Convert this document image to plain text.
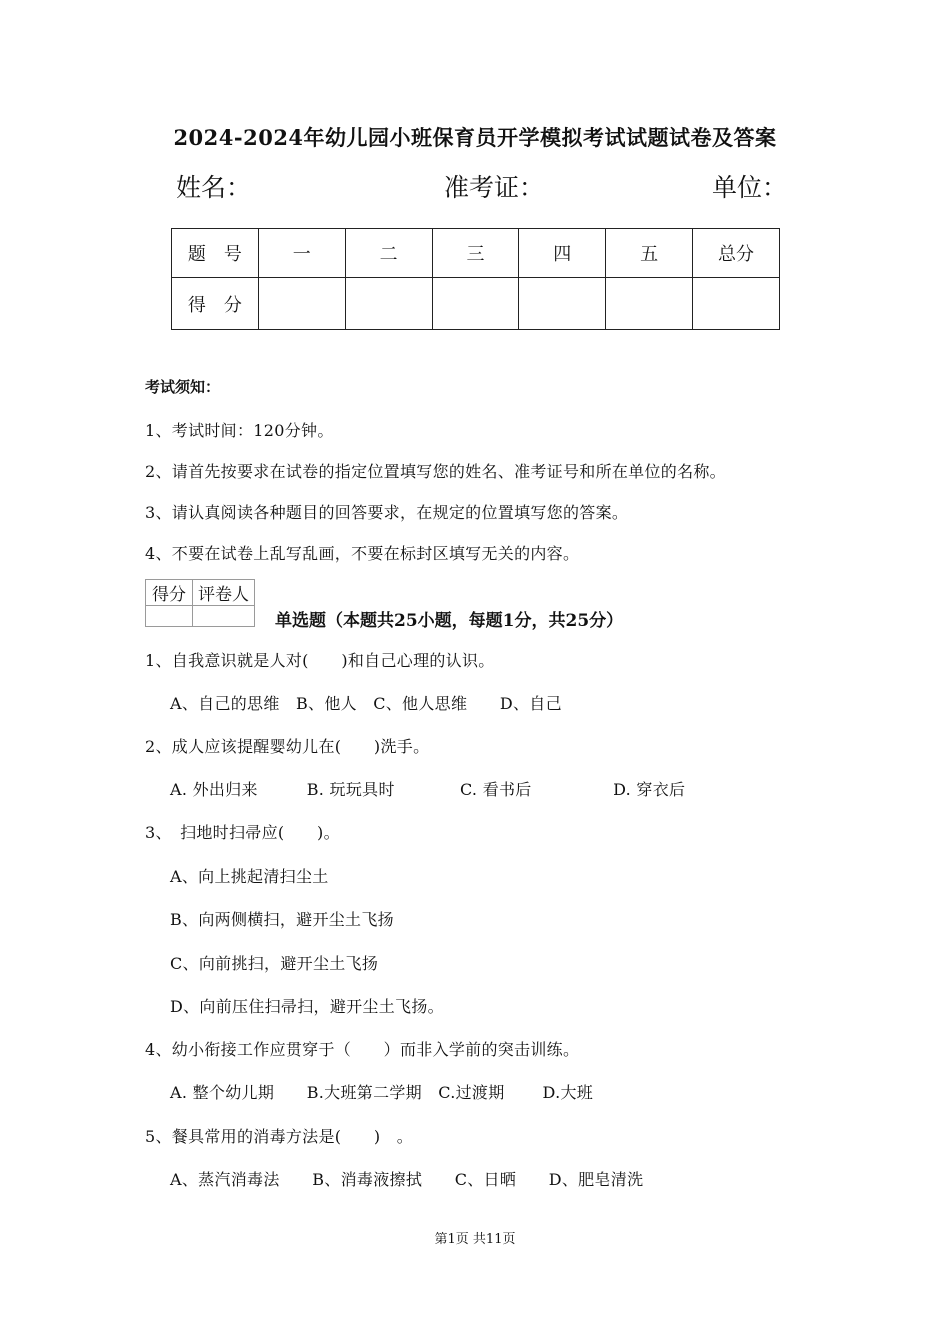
2024-2024年幼儿园小班保育员开学模拟考试试题试卷及答案
姓名：	准考证：	单位：
题　号	一	二	三	四	五	总分
得　分						
考试须知：
1、考试时间：120分钟。
2、请首先按要求在试卷的指定位置填写您的姓名、准考证号和所在单位的名称。
3、请认真阅读各种题目的回答要求，在规定的位置填写您的答案。
4、不要在试卷上乱写乱画，不要在标封区填写无关的内容。
得分	评卷人

单选题（本题共25小题，每题1分，共25分）
1、自我意识就是人对(　　)和自己心理的认识。
A、自己的思维　B、他人　C、他人思维　　D、自己
2、成人应该提醒婴幼儿在(　　)洗手。
A. 外出归来　　　B. 玩玩具时　　　　C. 看书后　　　　　D. 穿衣后
3、　扫地时扫帚应(　　)。
A、向上挑起清扫尘土
B、向两侧横扫，避开尘土飞扬
C、向前挑扫，避开尘土飞扬
D、向前压住扫帚扫，避开尘土飞扬。
4、幼小衔接工作应贯穿于（　　）而非入学前的突击训练。
A. 整个幼儿期　　B.大班第二学期　C.过渡期　　 D.大班
5、餐具常用的消毒方法是(　　)　。
A、蒸汽消毒法　　B、消毒液擦拭　　C、日晒　　D、肥皂清洗
第1页 共11页
